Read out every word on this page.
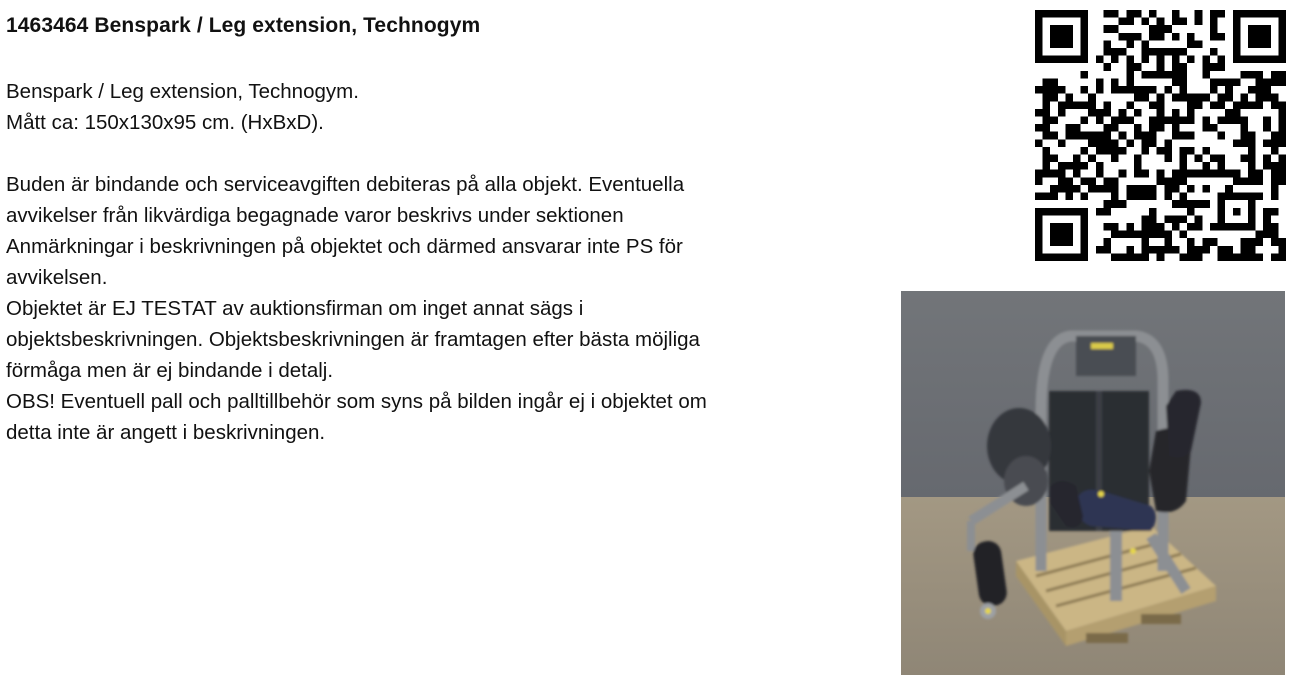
1463464 Benspark / Leg extension, Technogym

Benspark / Leg extension, Technogym.

Mått ca: 150x130x95 cm. (HxBxD).

Buden är bindande och serviceavgiften debiteras på alla objekt. Eventuella

avvikelser från likvärdiga begagnade varor beskrivs under sektionen

Anmärkningar i beskrivningen på objektet och därmed ansvarar inte PS för

avvikelsen.

Objektet är EJ TESTAT av auktionsfirman om inget annat sägs i

objektsbeskrivningen. Objektsbeskrivningen är framtagen efter bästa möjliga

förmåga men är ej bindande i detalj.

OBS! Eventuell pall och palltillbehör som syns på bilden ingår ej i objektet om

detta inte är angett i beskrivningen.
